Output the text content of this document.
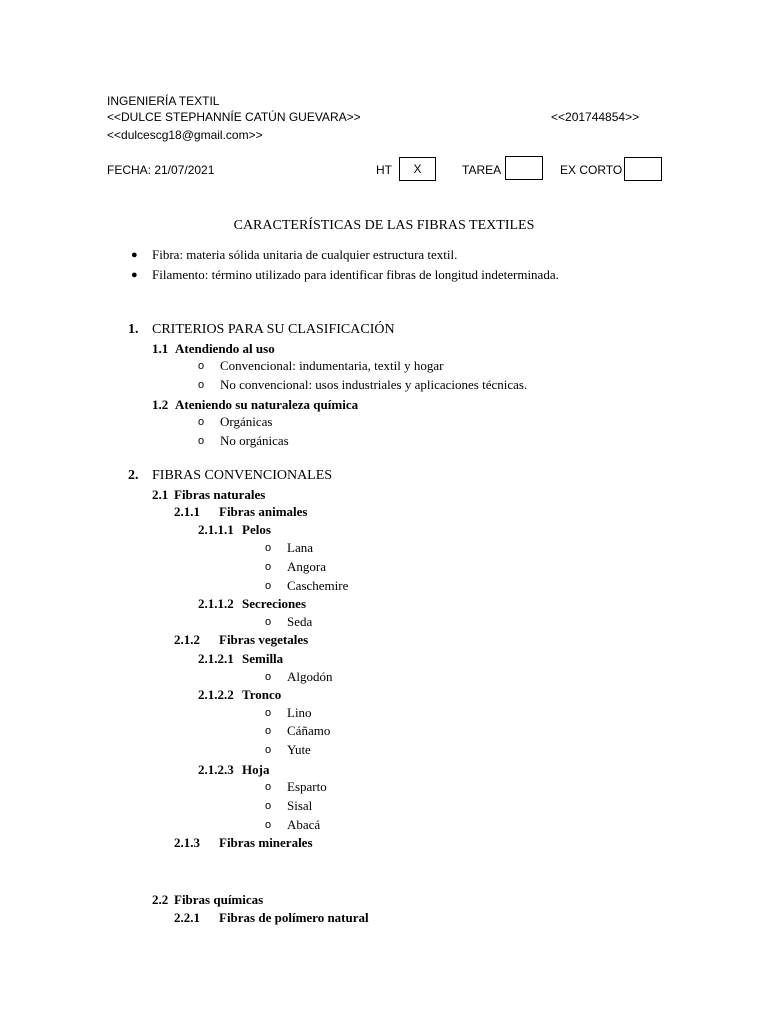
INGENIERÍA TEXTIL
<<DULCE STEPHANNÍE CATÚN GUEVARA>>	<<201744854>>
<<dulcescg18@gmail.com>>
FECHA: 21/07/2021	HT	X	TAREA	EX CORTO
CARACTERÍSTICAS DE LAS FIBRAS TEXTILES
● Fibra: materia sólida unitaria de cualquier estructura textil.
● Filamento: término utilizado para identificar fibras de longitud indeterminada.
1. CRITERIOS PARA SU CLASIFICACIÓN
1.1 Atendiendo al uso
o Convencional: indumentaria, textil y hogar
o No convencional: usos industriales y aplicaciones técnicas.
1.2 Ateniendo su naturaleza química
o Orgánicas
o No orgánicas
2. FIBRAS CONVENCIONALES
2.1 Fibras naturales
2.1.1 Fibras animales
2.1.1.1 Pelos
o Lana
o Angora
o Caschemire
2.1.1.2 Secreciones
o Seda
2.1.2 Fibras vegetales
2.1.2.1 Semilla
o Algodón
2.1.2.2 Tronco
o Lino
o Cáñamo
o Yute
2.1.2.3 Hoja
o Esparto
o Sisal
o Abacá
2.1.3 Fibras minerales
2.2 Fibras químicas
2.2.1 Fibras de polímero natural
